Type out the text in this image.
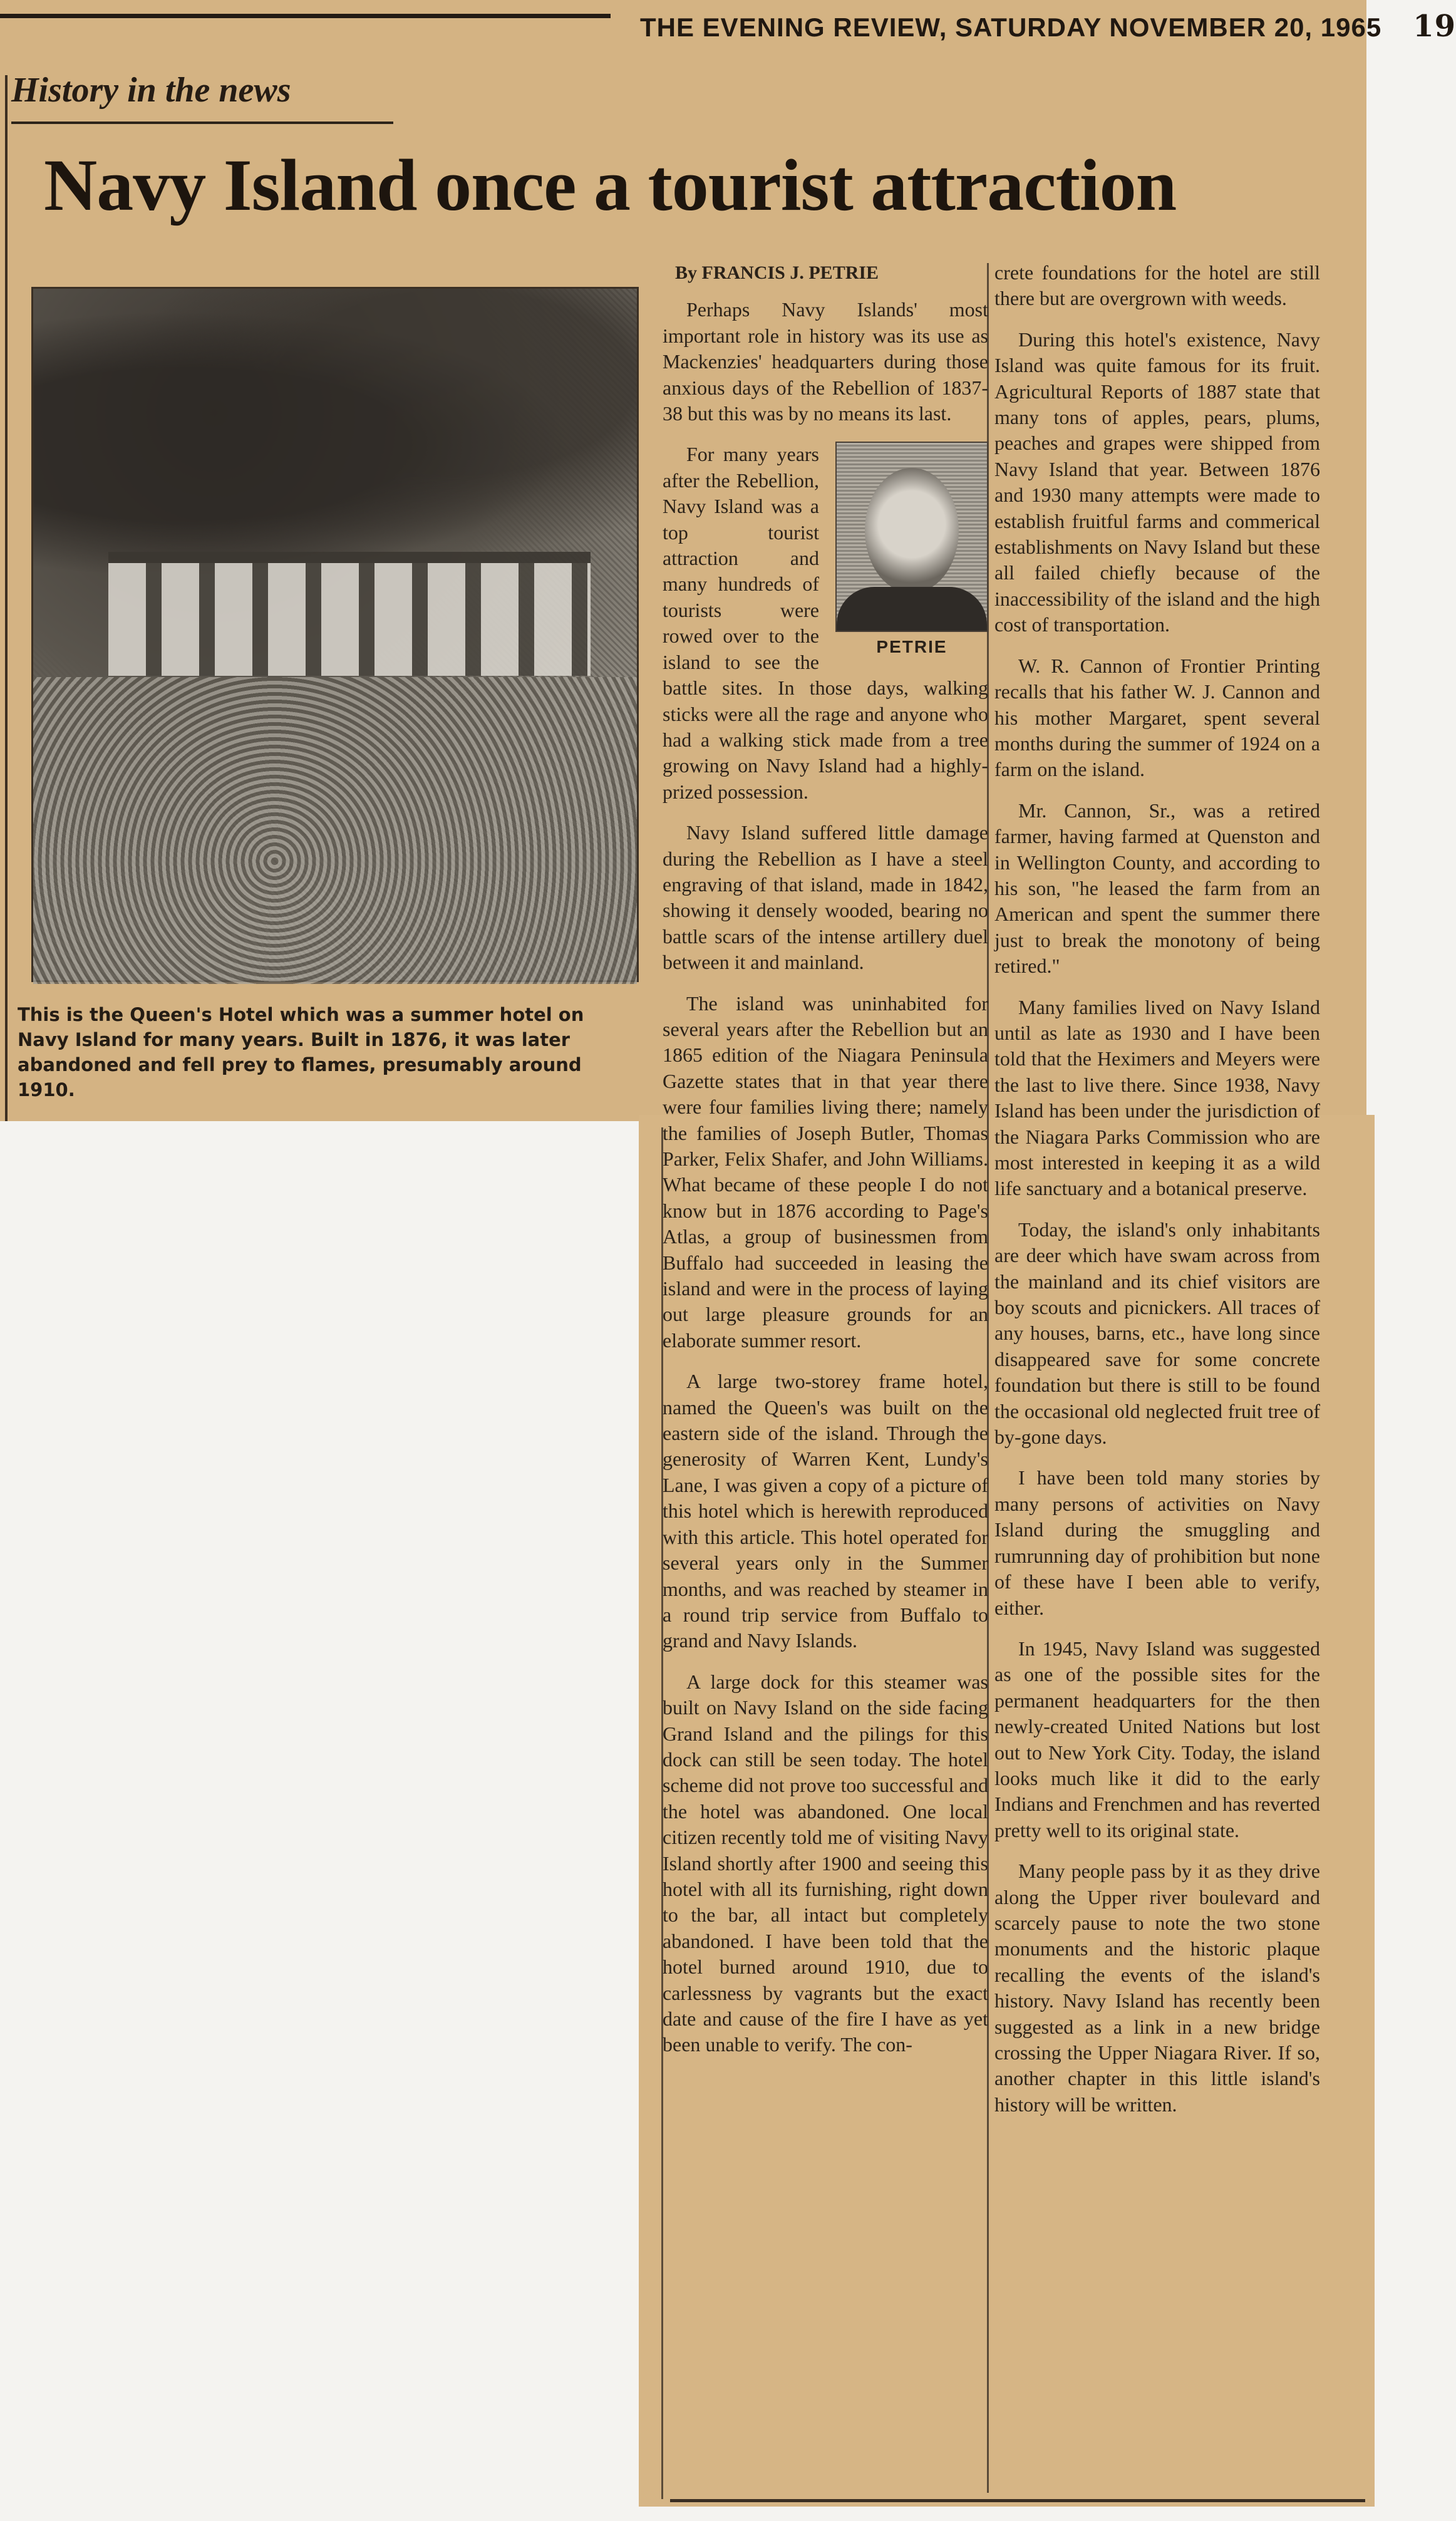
THE EVENING REVIEW, SATURDAY NOVEMBER 20, 1965 19
History in the news
Navy Island once a tourist attraction
This is the Queen's Hotel which was a summer hotel on Navy Island for many years. Built in 1876, it was later abandoned and fell prey to flames, presumably around 1910.

By FRANCIS J. PETRIE

Perhaps Navy Islands' most important role in history was its use as Mackenzies' headquarters during those anxious days of the Rebellion of 1837-38 but this was by no means its last.

PETRIE

For many years after the Rebellion, Navy Island was a top tourist attraction and many hundreds of tourists were rowed over to the island to see the battle sites. In those days, walking sticks were all the rage and anyone who had a walking stick made from a tree growing on Navy Island had a highly-prized possession.

Navy Island suffered little damage during the Rebellion as I have a steel engraving of that island, made in 1842, showing it densely wooded, bearing no battle scars of the intense artillery duel between it and mainland.

The island was uninhabited for several years after the Rebellion but an 1865 edition of the Niagara Peninsula Gazette states that in that year there were four families living there; namely the families of Joseph Butler, Thomas Parker, Felix Shafer, and John Williams. What became of these people I do not know but in 1876 according to Page's Atlas, a group of businessmen from Buffalo had succeeded in leasing the island and were in the process of laying out large pleasure grounds for an elaborate summer resort.

A large two-storey frame hotel, named the Queen's was built on the eastern side of the island. Through the generosity of Warren Kent, Lundy's Lane, I was given a copy of a picture of this hotel which is herewith reproduced with this article. This hotel operated for several years only in the Summer months, and was reached by steamer in a round trip service from Buffalo to grand and Navy Islands.

A large dock for this steamer was built on Navy Island on the side facing Grand Island and the pilings for this dock can still be seen today. The hotel scheme did not prove too successful and the hotel was abandoned. One local citizen recently told me of visiting Navy Island shortly after 1900 and seeing this hotel with all its furnishing, right down to the bar, all intact but completely abandoned. I have been told that the hotel burned around 1910, due to carlessness by vagrants but the exact date and cause of the fire I have as yet been unable to verify. The con-

crete foundations for the hotel are still there but are overgrown with weeds.

During this hotel's existence, Navy Island was quite famous for its fruit. Agricultural Reports of 1887 state that many tons of apples, pears, plums, peaches and grapes were shipped from Navy Island that year. Between 1876 and 1930 many attempts were made to establish fruitful farms and commerical establishments on Navy Island but these all failed chiefly because of the inaccessibility of the island and the high cost of transportation.

W. R. Cannon of Frontier Printing recalls that his father W. J. Cannon and his mother Margaret, spent several months during the summer of 1924 on a farm on the island.

Mr. Cannon, Sr., was a retired farmer, having farmed at Quenston and in Wellington County, and according to his son, "he leased the farm from an American and spent the summer there just to break the monotony of being retired."

Many families lived on Navy Island until as late as 1930 and I have been told that the Heximers and Meyers were the last to live there. Since 1938, Navy Island has been under the jurisdiction of the Niagara Parks Commission who are most interested in keeping it as a wild life sanctuary and a botanical preserve.

Today, the island's only inhabitants are deer which have swam across from the mainland and its chief visitors are boy scouts and picnickers. All traces of any houses, barns, etc., have long since disappeared save for some concrete foundation but there is still to be found the occasional old neglected fruit tree of by-gone days.

I have been told many stories by many persons of activities on Navy Island during the smuggling and rumrunning day of prohibition but none of these have I been able to verify, either.

In 1945, Navy Island was suggested as one of the possible sites for the permanent headquarters for the then newly-created United Nations but lost out to New York City. Today, the island looks much like it did to the early Indians and Frenchmen and has reverted pretty well to its original state.

Many people pass by it as they drive along the Upper river boulevard and scarcely pause to note the two stone monuments and the historic plaque recalling the events of the island's history. Navy Island has recently been suggested as a link in a new bridge crossing the Upper Niagara River. If so, another chapter in this little island's history will be written.
